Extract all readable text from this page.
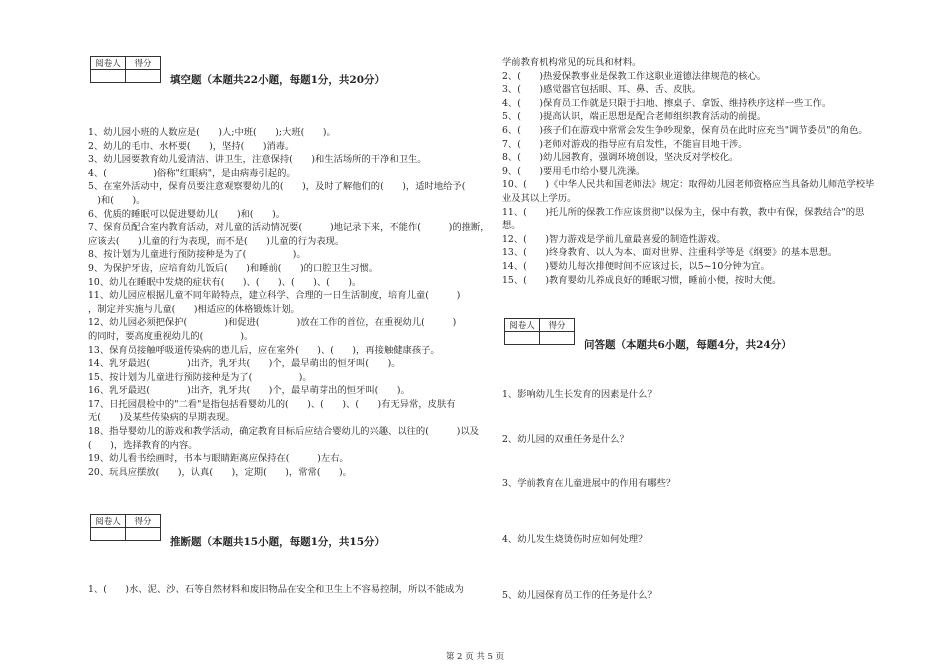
阅卷人	得分

填空题（本题共22小题，每题1分，共20分）
1、幼儿园小班的人数应是(　　)人;中班(　　);大班(　　)。
2、幼儿的毛巾、水杯要(　　)，坚持(　　)消毒。
3、幼儿园要教育幼儿爱清洁、讲卫生，注意保持(　　)和生活场所的干净和卫生。
4、(　　　　　)俗称"红眼病"，是由病毒引起的。
5、在室外活动中，保育员要注意观察婴幼儿的(　　)，及时了解他们的(　　)，适时地给予(
　)和(　　)。
6、优质的睡眠可以促进婴幼儿(　　)和(　　)。
7、保育员配合室内教育活动，对儿童的活动情况要(　　　)地记录下来，不能作(　　　)的推断，
应该去(　　)儿童的行为表现，而不是(　　)儿童的行为表现。
8、按计划为儿童进行预防接种是为了(　　　　　)。
9、为保护牙齿，应培育幼儿饭后(　　)和睡前(　　)的口腔卫生习惯。
10、幼儿在睡眠中发烧的症状有(　　)、(　　)、(　　)、(　　)。
11、幼儿园应根据儿童不同年龄特点，建立科学、合理的一日生活制度，培育儿童(　　　)
，制定并实施与儿童(　　)相适应的体格锻炼计划。
12、幼儿园必须把保护(　　　　)和促进(　　　　)放在工作的首位，在重视幼儿(　　　)
的同时，要高度重视幼儿的(　　　　)。
13、保育员接触呼吸道传染病的患儿后，应在室外(　　)、(　　)，再接触健康孩子。
14、乳牙最迟(　　　　)出齐，乳牙共(　　)个，最早萌出的恒牙叫(　　)。
15、按计划为儿童进行预防接种是为了(　　　　　)。
16、乳牙最迟(　　　　)出齐，乳牙共(　　)个，最早萌芽出的恒牙叫(　　)。
17、日托园晨检中的"二看"是指包括看婴幼儿的(　　)、(　　)、(　　)有无异常，皮肤有
无(　　)及某些传染病的早期表现。
18、指导婴幼儿的游戏和教学活动，确定教育目标后应结合婴幼儿的兴趣、以往的(　　　)以及
(　　)，选择教育的内容。
19、幼儿看书绘画时，书本与眼睛距离应保持在(　　　)左右。
20、玩具应摆放(　　)，认真(　　)，定期(　　)，常常(　　)。
阅卷人	得分

推断题（本题共15小题，每题1分，共15分）
1、(　　)水、泥、沙、石等自然材料和废旧物品在安全和卫生上不容易控制，所以不能成为
学前教育机构常见的玩具和材料。
2、(　　)热爱保教事业是保教工作这职业道德法律规范的核心。
3、(　　)感觉器官包括眼、耳、鼻、舌、皮肤。
4、(　　)保育员工作就是只限于扫地、擦桌子、拿饭、维持秩序这样一些工作。
5、(　　)提高认识，端正思想是配合老师组织教育活动的前提。
6、(　　)孩子们在游戏中常常会发生争吵现象，保育员在此时应充当"调节委员"的角色。
7、(　　)老师对游戏的指导应有启发性，不能盲目地干涉。
8、(　　)幼儿园教育，强调环境创设，坚决反对学校化。
9、(　　)要用毛巾给小婴儿洗澡。
10、(　　)《中华人民共和国老师法》规定：取得幼儿园老师资格应当具备幼儿师范学校毕
业及其以上学历。
11、(　　)托儿所的保教工作应该贯彻"以保为主，保中有教，教中有保，保教结合"的思
想。
12、(　　)智力游戏是学前儿童最喜爱的制造性游戏。
13、(　　)终身教育、以人为本、面对世界、注重科学等是《纲要》的基本思想。
14、(　　)婴幼儿每次排便时间不应该过长，以5~10分钟为宜。
15、(　　)教育婴幼儿养成良好的睡眠习惯，睡前小便，按时大便。
阅卷人	得分

问答题（本题共6小题，每题4分，共24分）
1、影响幼儿生长发育的因素是什么？
2、幼儿园的双重任务是什么？
3、学前教育在儿童进展中的作用有哪些？
4、幼儿发生烧烫伤时应如何处理？
5、幼儿园保育员工作的任务是什么？
第 2 页 共 5 页
